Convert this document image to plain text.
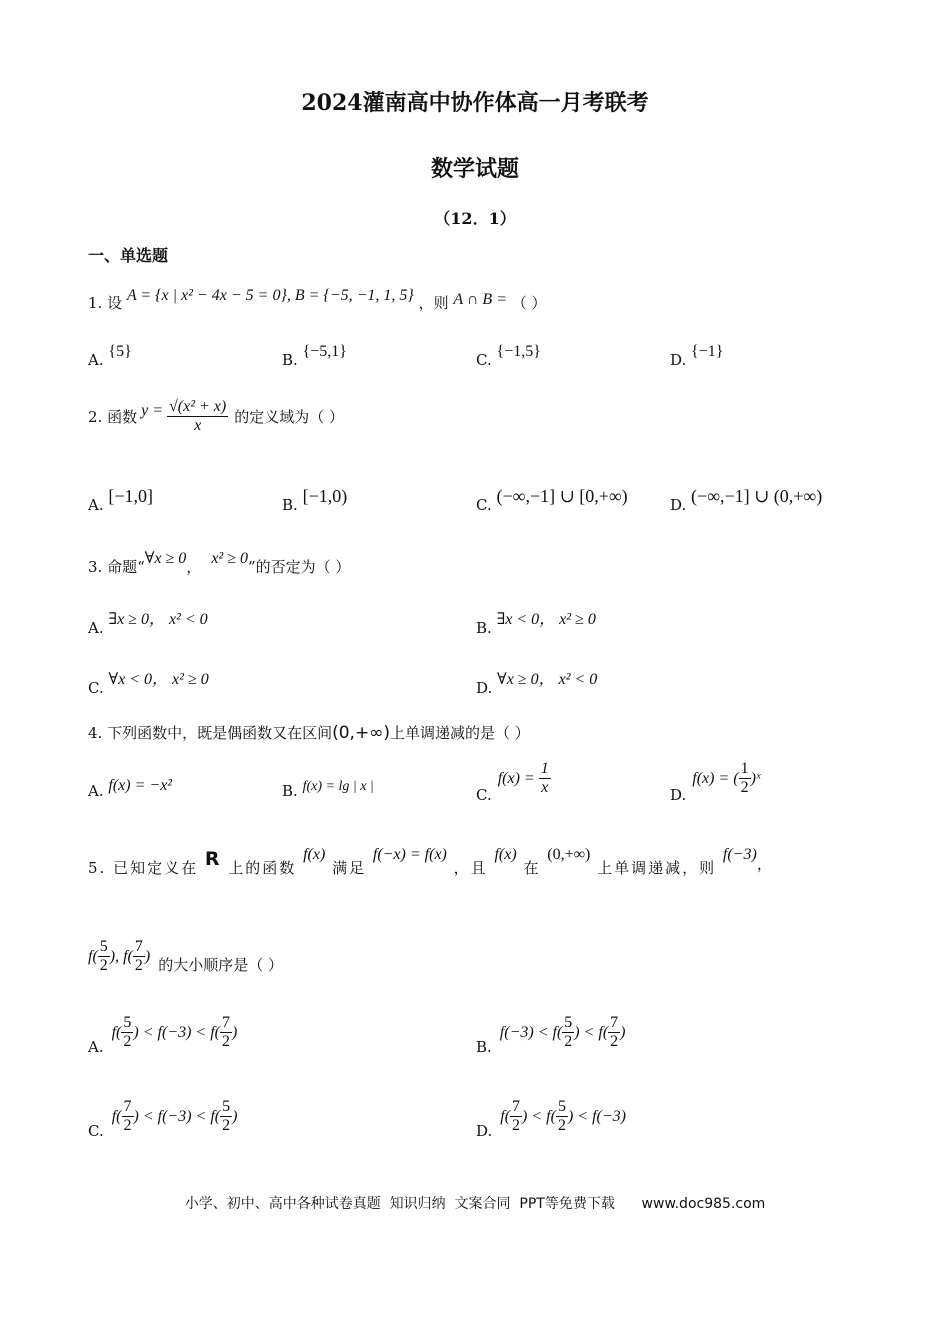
2024灌南高中协作体高一月考联考
数学试题
（12．1）
一、单选题
1. 设 A = {x | x² − 4x − 5 = 0}, B = {−5, −1, 1, 5} ，则 A ∩ B = （ ）
A. {5}	B. {−5,1}	C. {−1,5}	D. {−1}
2. 函数 $y = \frac{\text{√(x² + x)}}{x}$ 的定义域为（ ）
A. [−1,0]	B. [−1,0)	C. (−∞,−1] ∪ [0,+∞)	D. (−∞,−1] ∪ (0,+∞)
3. 命题“∀x ≥ 0， x² ≥ 0”的否定为（ ）
A. ∃x ≥ 0， x² < 0	B. ∃x < 0， x² ≥ 0
C. ∀x < 0， x² ≥ 0	D. ∀x ≥ 0， x² < 0
4. 下列函数中，既是偶函数又在区间(0,+∞)上单调递减的是（ ）
A. f(x) = −x²	B. f(x) = lg | x |	C.
$f(x) = \frac{1}{x}$	D.
f(x) = ( $\frac{1}{2}$ )ˣ
5. 已知定义在 R 上的函数 f(x) 满足 f(−x) = f(x) ，且 f(x) 在 (0,+∞) 上单调递减，则 f(−3)，
$f( \frac{5}{2}$ ), $f( \frac{7}{2}$ ) 的大小顺序是（ ）
A.
$f( \frac{5}{2}$ ) < $f(-3) < f( \frac{7}{2}$ )
B.
$f(-3) < f( \frac{5}{2}$ ) < $f( \frac{7}{2}$ )
C.
$f( \frac{7}{2}$ ) < $f(-3) < f( \frac{5}{2}$ )
D.
$f( \frac{7}{2}$ ) < $f( \frac{5}{2}$ ) < f(−3)
小学、初中、高中各种试卷真题  知识归纳  文案合同  PPT等免费下载      www.doc985.com
